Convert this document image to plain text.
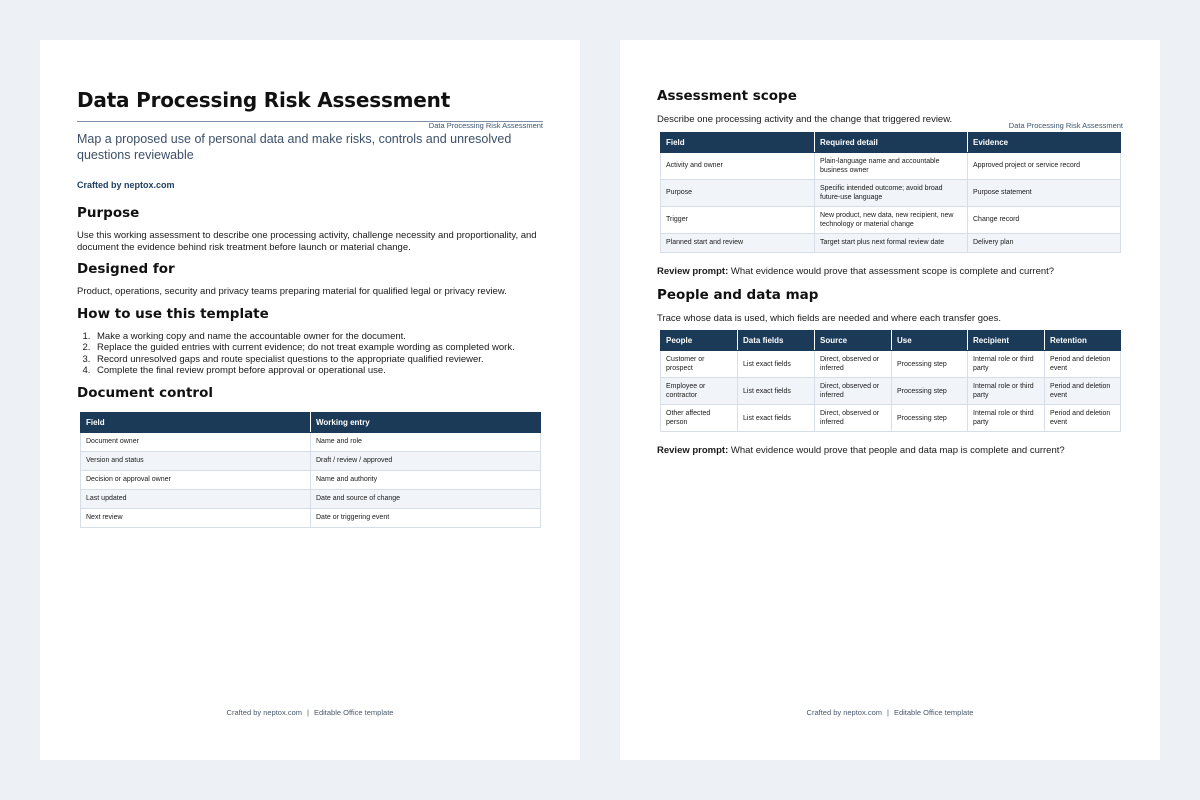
Data Processing Risk Assessment
Data Processing Risk Assessment

Map a proposed use of personal data and make risks, controls and unresolved questions reviewable

Crafted by neptox.com

Purpose

Use this working assessment to describe one processing activity, challenge necessity and proportionality, and document the evidence behind risk treatment before launch or material change.

Designed for

Product, operations, security and privacy teams preparing material for qualified legal or privacy review.

How to use this template
1. Make a working copy and name the accountable owner for the document.
2. Replace the guided entries with current evidence; do not treat example wording as completed work.
3. Record unresolved gaps and route specialist questions to the appropriate qualified reviewer.
4. Complete the final review prompt before approval or operational use.
Document control
Field	Working entry
Document owner	Name and role
Version and status	Draft / review / approved
Decision or approval owner	Name and authority
Last updated	Date and source of change
Next review	Date or triggering event
Crafted by neptox.com | Editable Office template
Data Processing Risk Assessment
Assessment scope

Describe one processing activity and the change that triggered review.

Field	Required detail	Evidence
Activity and owner	Plain-language name and accountable business owner	Approved project or service record
Purpose	Specific intended outcome; avoid broad future-use language	Purpose statement
Trigger	New product, new data, new recipient, new technology or material change	Change record
Planned start and review	Target start plus next formal review date	Delivery plan

Review prompt: What evidence would prove that assessment scope is complete and current?

People and data map

Trace whose data is used, which fields are needed and where each transfer goes.

People	Data fields	Source	Use	Recipient	Retention
Customer or prospect	List exact fields	Direct, observed or inferred	Processing step	Internal role or third party	Period and deletion event
Employee or contractor	List exact fields	Direct, observed or inferred	Processing step	Internal role or third party	Period and deletion event
Other affected person	List exact fields	Direct, observed or inferred	Processing step	Internal role or third party	Period and deletion event

Review prompt: What evidence would prove that people and data map is complete and current?

Crafted by neptox.com | Editable Office template
